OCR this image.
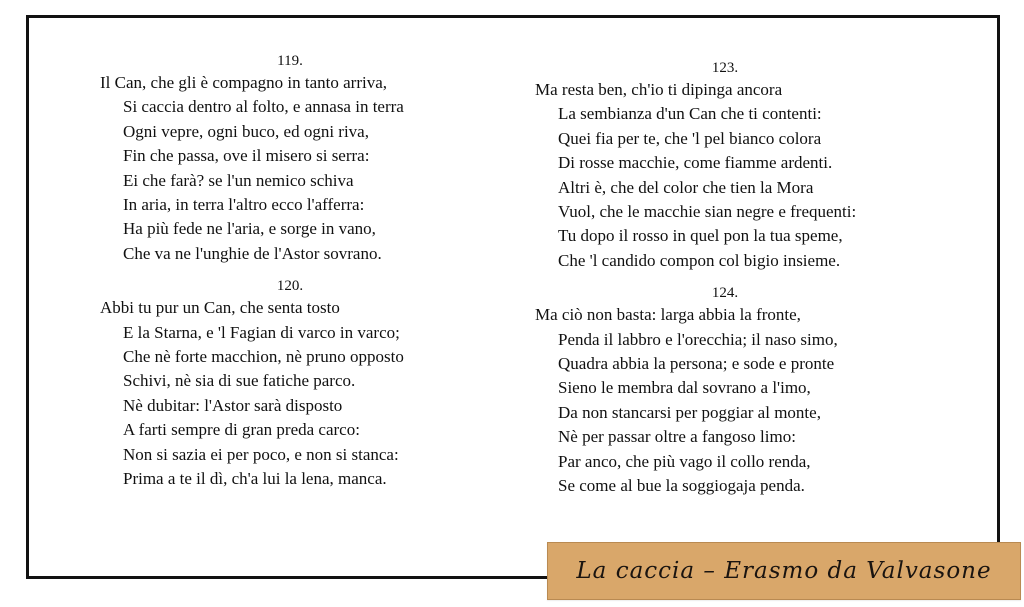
119.
Il Can, che gli è compagno in tanto arriva,
Si caccia dentro al folto, e annasa in terra
Ogni vepre, ogni buco, ed ogni riva,
Fin che passa, ove il misero si serra:
Ei che farà? se l'un nemico schiva
In aria, in terra l'altro ecco l'afferra:
Ha più fede ne l'aria, e sorge in vano,
Che va ne l'unghie de l'Astor sovrano.
120.
Abbi tu pur un Can, che senta tosto
E la Starna, e 'l Fagian di varco in varco;
Che nè forte macchion, nè pruno opposto
Schivi, nè sia di sue fatiche parco.
Nè dubitar: l'Astor sarà disposto
A farti sempre di gran preda carco:
Non si sazia ei per poco, e non si stanca:
Prima a te il dì, ch'a lui la lena, manca.
123.
Ma resta ben, ch'io ti dipinga ancora
La sembianza d'un Can che ti contenti:
Quei fia per te, che 'l pel bianco colora
Di rosse macchie, come fiamme ardenti.
Altri è, che del color che tien la Mora
Vuol, che le macchie sian negre e frequenti:
Tu dopo il rosso in quel pon la tua speme,
Che 'l candido compon col bigio insieme.
124.
Ma ciò non basta: larga abbia la fronte,
Penda il labbro e l'orecchia; il naso simo,
Quadra abbia la persona; e sode e pronte
Sieno le membra dal sovrano a l'imo,
Da non stancarsi per poggiar al monte,
Nè per passar oltre a fangoso limo:
Par anco, che più vago il collo renda,
Se come al bue la soggiogaja penda.
La caccia – Erasmo da Valvasone
